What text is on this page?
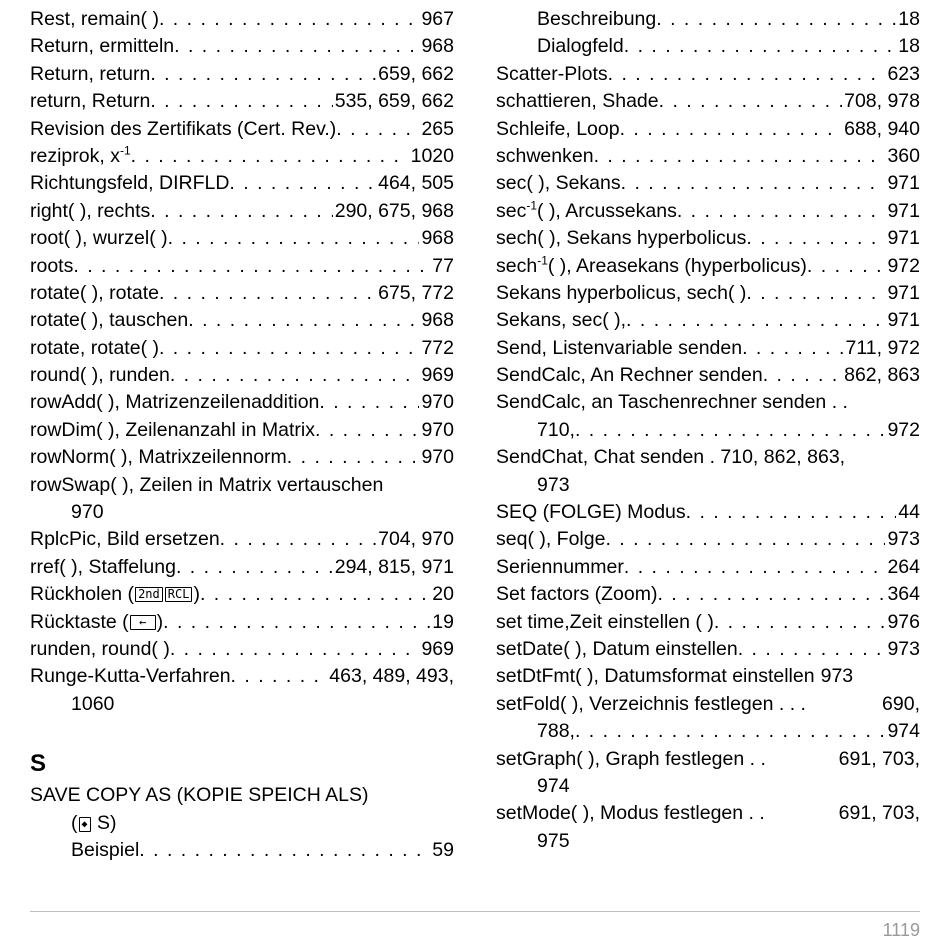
Rest, remain( ) . . .	967
Return, ermitteln . . .	968
Return, return . . .	659, 662
return, Return . . .	535, 659, 662
Revision des Zertifikats (Cert. Rev.) . . .	265
reziprok, $x^{-1}$ . . .	1020
Richtungsfeld, DIRFLD . . .	464, 505
right( ), rechts . . .	290, 675, 968
root( ), wurzel( ) . . .	968
roots . . .	77
rotate( ), rotate . . .	675, 772
rotate( ), tauschen . . .	968
rotate, rotate( ) . . .	772
round( ), runden . . .	969
rowAdd( ), Matrizenzeilenaddition . . .	970
rowDim( ), Zeilenanzahl in Matrix . . .	970
rowNorm( ), Matrixzeilennorm . . .	970
rowSwap( ), Zeilen in Matrix vertauschen
970
RplcPic, Bild ersetzen . . .	704, 970
rref( ), Staffelung . . .	294, 815, 971
Rückholen ( 2nd RCL ) . . .	20
Rücktaste ( ← ) . . .	19
runden, round( ) . . .	969
Runge-Kutta-Verfahren . . .	463, 489, 493,
1060
S
SAVE COPY AS (KOPIE SPEICH ALS)
( ◆ S)
Beispiel . . .	59
Beschreibung . . .	18
Dialogfeld . . .	18
Scatter-Plots . . .	623
schattieren, Shade . . .	708, 978
Schleife, Loop . . .	688, 940
schwenken . . .	360
sec( ), Sekans . . .	971
$\sec^{-1}$( ), Arcussekans . . .	971
sech( ), Sekans hyperbolicus . . .	971
sech$^{-1}$( ), Areasekans (hyperbolicus) . . .	972
Sekans hyperbolicus, sech( ) . . .	971
Sekans, sec( ), . . .	971
Send, Listenvariable senden . . .	711, 972
SendCalc, An Rechner senden . . .	862, 863
SendCalc, an Taschenrechner senden . .
710, . . .	972
SendChat, Chat senden . 710, 862, 863,
973
SEQ (FOLGE) Modus . . .	44
seq( ), Folge . . .	973
Seriennummer . . .	264
Set factors (Zoom) . . .	364
set time,Zeit einstellen ( ) . . .	976
setDate( ), Datum einstellen . . .	973
setDtFmt( ), Datumsformat einstellen 973
setFold( ), Verzeichnis festlegen . . .	690,
788, . . .	974
setGraph( ), Graph festlegen . .	691, 703,
974
setMode( ), Modus festlegen . .	691, 703,
975
1119
